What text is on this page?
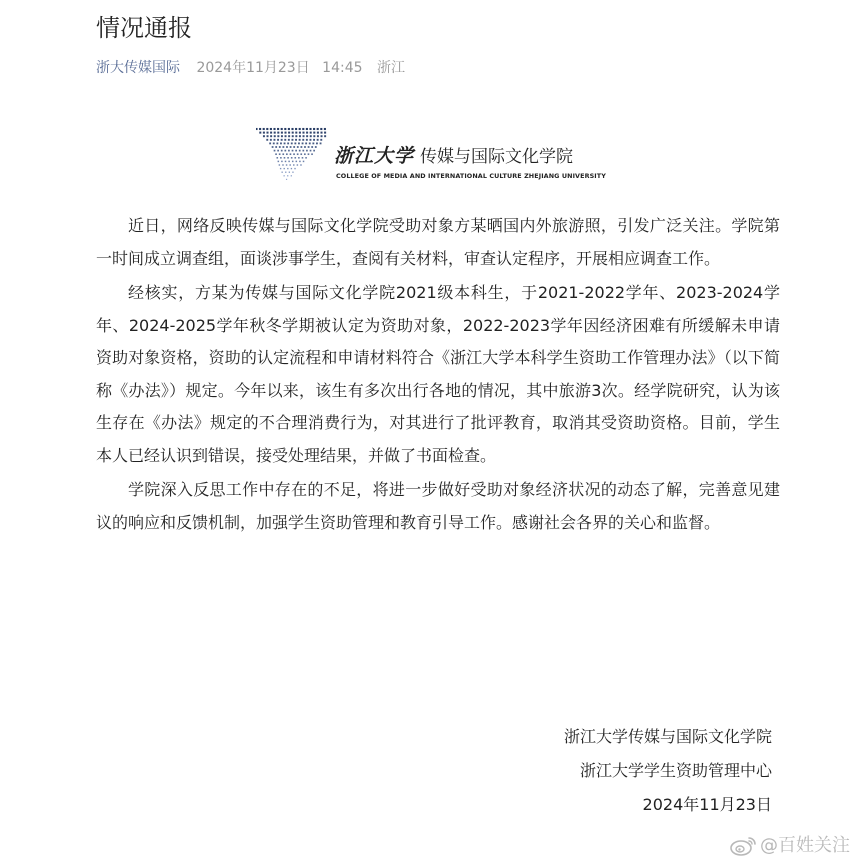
情况通报
浙大传媒国际 2024年11月23日 14:45 浙江
浙江大学 传媒与国际文化学院
COLLEGE OF MEDIA AND INTERNATIONAL CULTURE ZHEJIANG UNIVERSITY

近日，网络反映传媒与国际文化学院受助对象方某晒国内外旅游照，引发广泛关注。学院第一时间成立调查组，面谈涉事学生，查阅有关材料，审查认定程序，开展相应调查工作。

经核实，方某为传媒与国际文化学院2021级本科生，于2021-2022学年、2023-2024学年、2024-2025学年秋冬学期被认定为资助对象，2022-2023学年因经济困难有所缓解未申请资助对象资格，资助的认定流程和申请材料符合《浙江大学本科学生资助工作管理办法》（以下简称《办法》）规定。今年以来，该生有多次出行各地的情况，其中旅游3次。经学院研究，认为该生存在《办法》规定的不合理消费行为，对其进行了批评教育，取消其受资助资格。目前，学生本人已经认识到错误，接受处理结果，并做了书面检查。

学院深入反思工作中存在的不足，将进一步做好受助对象经济状况的动态了解，完善意见建议的响应和反馈机制，加强学生资助管理和教育引导工作。感谢社会各界的关心和监督。

浙江大学传媒与国际文化学院
浙江大学学生资助管理中心
2024年11月23日
@百姓关注
